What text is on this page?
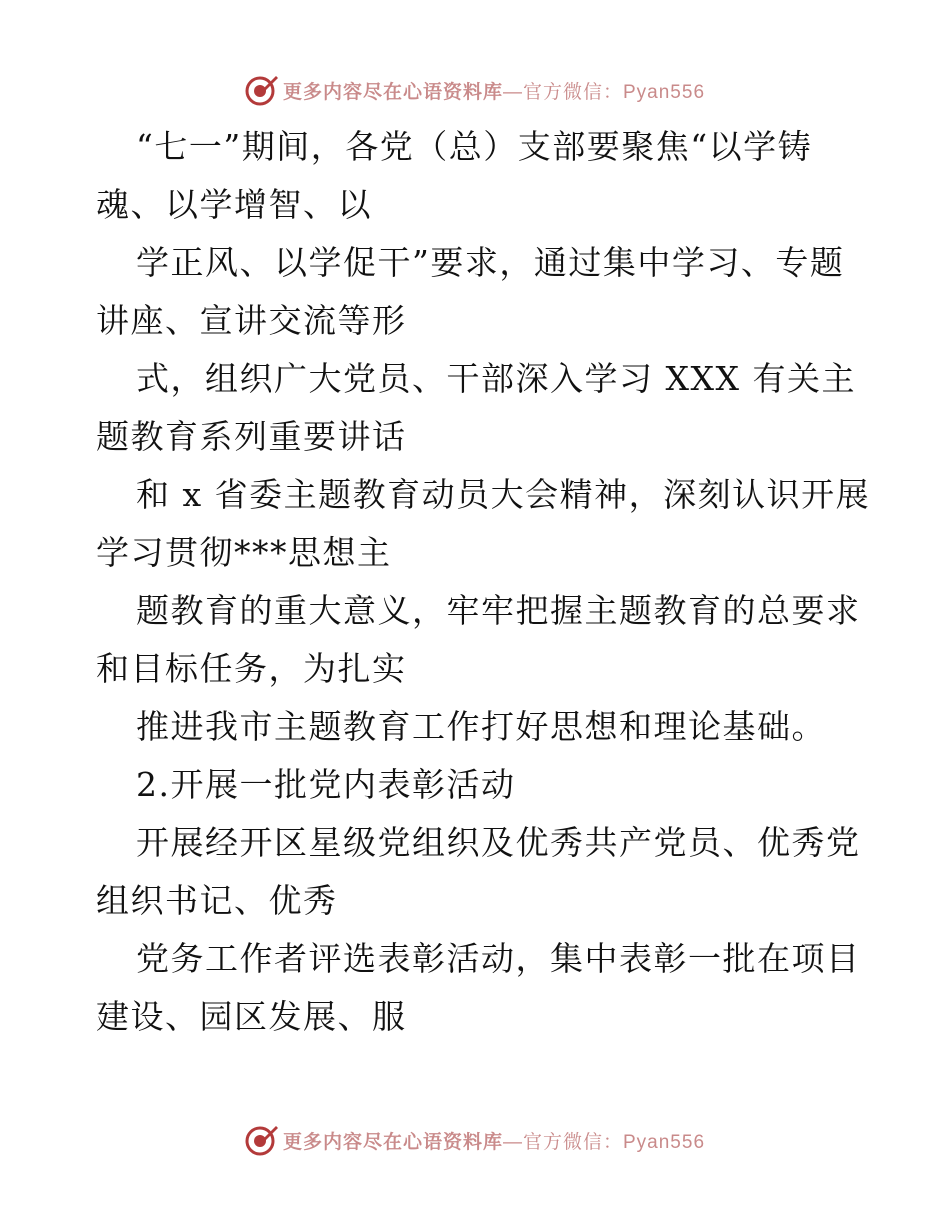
更多内容尽在心语资料库 —官方微信：Pyan556
“七一”期间，各党（总）支部要聚焦“以学铸
魂、以学增智、以
学正风、以学促干”要求，通过集中学习、专题
讲座、宣讲交流等形
式，组织广大党员、干部深入学习 XXX 有关主
题教育系列重要讲话
和 x 省委主题教育动员大会精神，深刻认识开展
学习贯彻***思想主
题教育的重大意义，牢牢把握主题教育的总要求
和目标任务，为扎实
推进我市主题教育工作打好思想和理论基础。
2.开展一批党内表彰活动
开展经开区星级党组织及优秀共产党员、优秀党
组织书记、优秀
党务工作者评选表彰活动，集中表彰一批在项目
建设、园区发展、服
更多内容尽在心语资料库 —官方微信：Pyan556
